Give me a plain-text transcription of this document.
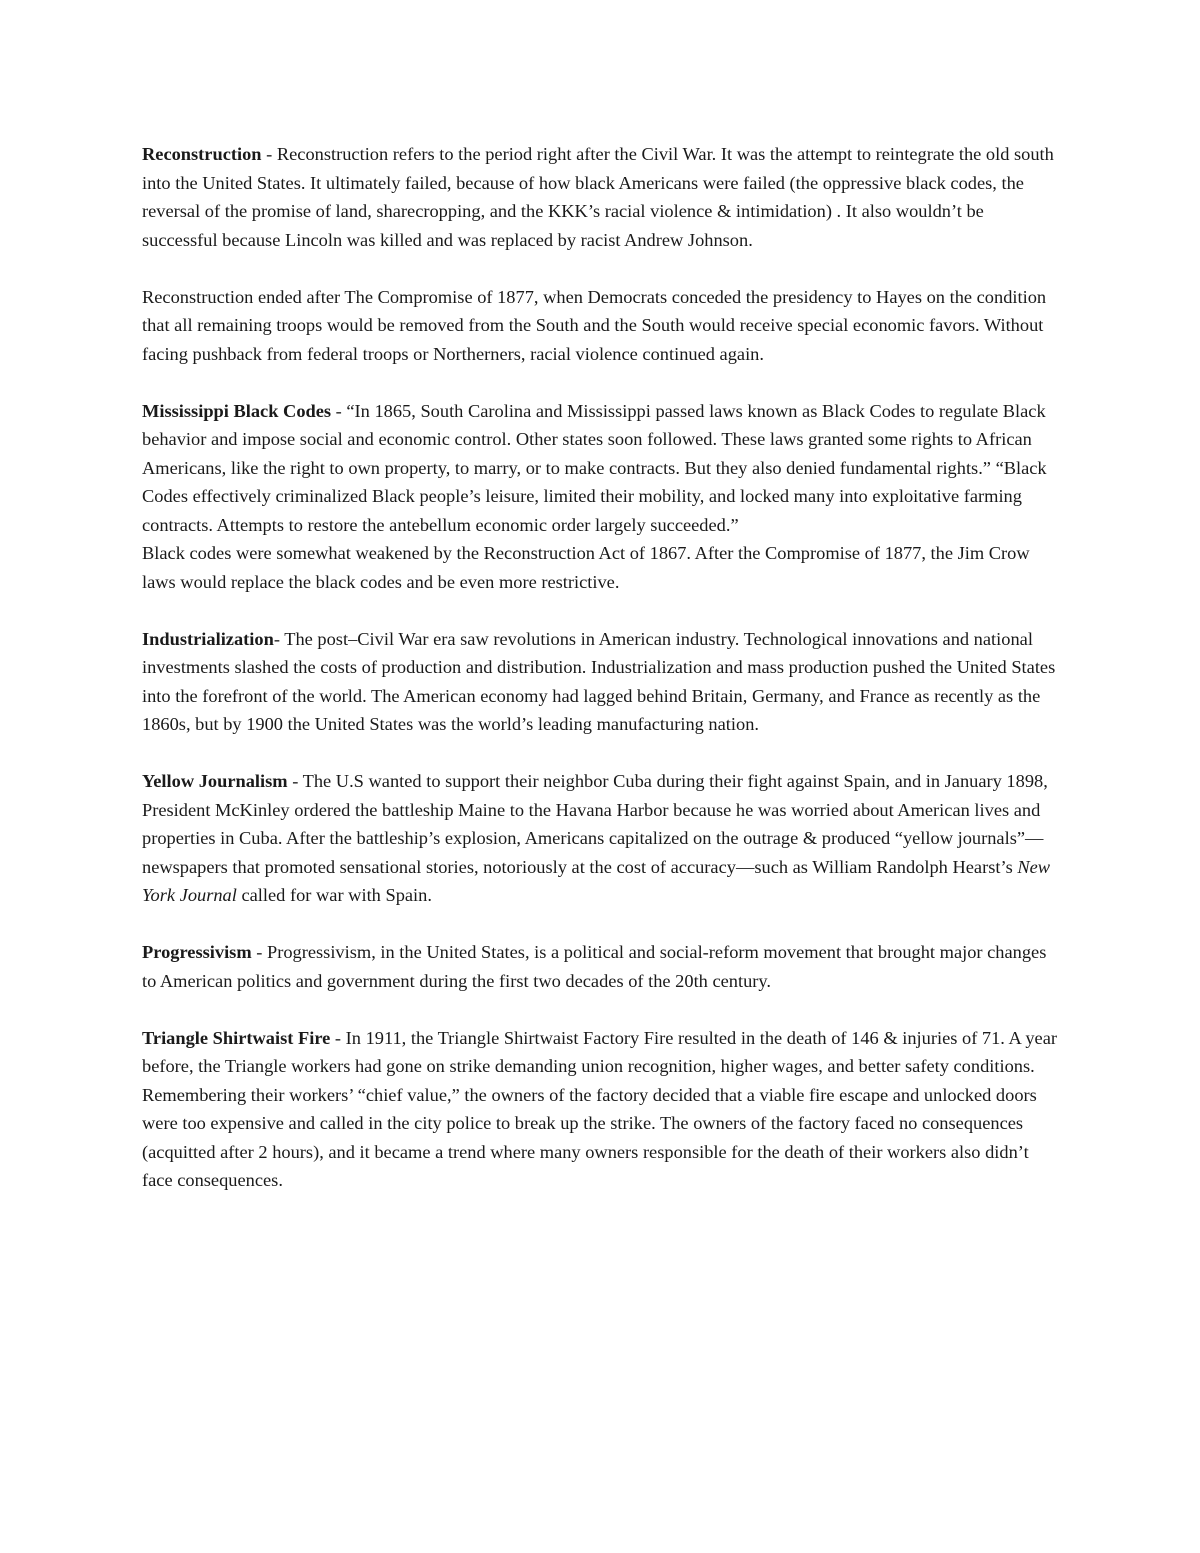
Reconstruction - Reconstruction refers to the period right after the Civil War. It was the attempt to reintegrate the old south into the United States. It ultimately failed, because of how black Americans were failed (the oppressive black codes, the reversal of the promise of land, sharecropping, and the KKK’s racial violence & intimidation) . It also wouldn’t be successful because Lincoln was killed and was replaced by racist Andrew Johnson.

Reconstruction ended after The Compromise of 1877, when Democrats conceded the presidency to Hayes on the condition that all remaining troops would be removed from the South and the South would receive special economic favors. Without facing pushback from federal troops or Northerners, racial violence continued again.

Mississippi Black Codes - “In 1865, South Carolina and Mississippi passed laws known as Black Codes to regulate Black behavior and impose social and economic control. Other states soon followed. These laws granted some rights to African Americans, like the right to own property, to marry, or to make contracts. But they also denied fundamental rights.” “Black Codes effectively criminalized Black people’s leisure, limited their mobility, and locked many into exploitative farming contracts. Attempts to restore the antebellum economic order largely succeeded.”

Black codes were somewhat weakened by the Reconstruction Act of 1867. After the Compromise of 1877, the Jim Crow laws would replace the black codes and be even more restrictive.

Industrialization- The post–Civil War era saw revolutions in American industry. Technological innovations and national investments slashed the costs of production and distribution. Industrialization and mass production pushed the United States into the forefront of the world. The American economy had lagged behind Britain, Germany, and France as recently as the 1860s, but by 1900 the United States was the world’s leading manufacturing nation.

Yellow Journalism - The U.S wanted to support their neighbor Cuba during their fight against Spain, and in January 1898, President McKinley ordered the battleship Maine to the Havana Harbor because he was worried about American lives and properties in Cuba. After the battleship’s explosion, Americans capitalized on the outrage & produced “yellow journals”—newspapers that promoted sensational stories, notoriously at the cost of accuracy—such as William Randolph Hearst’s New York Journal called for war with Spain.

Progressivism - Progressivism, in the United States, is a political and social-reform movement that brought major changes to American politics and government during the first two decades of the 20th century.

Triangle Shirtwaist Fire - In 1911, the Triangle Shirtwaist Factory Fire resulted in the death of 146 & injuries of 71. A year before, the Triangle workers had gone on strike demanding union recognition, higher wages, and better safety conditions. Remembering their workers’ “chief value,” the owners of the factory decided that a viable fire escape and unlocked doors were too expensive and called in the city police to break up the strike. The owners of the factory faced no consequences (acquitted after 2 hours), and it became a trend where many owners responsible for the death of their workers also didn’t face consequences.
